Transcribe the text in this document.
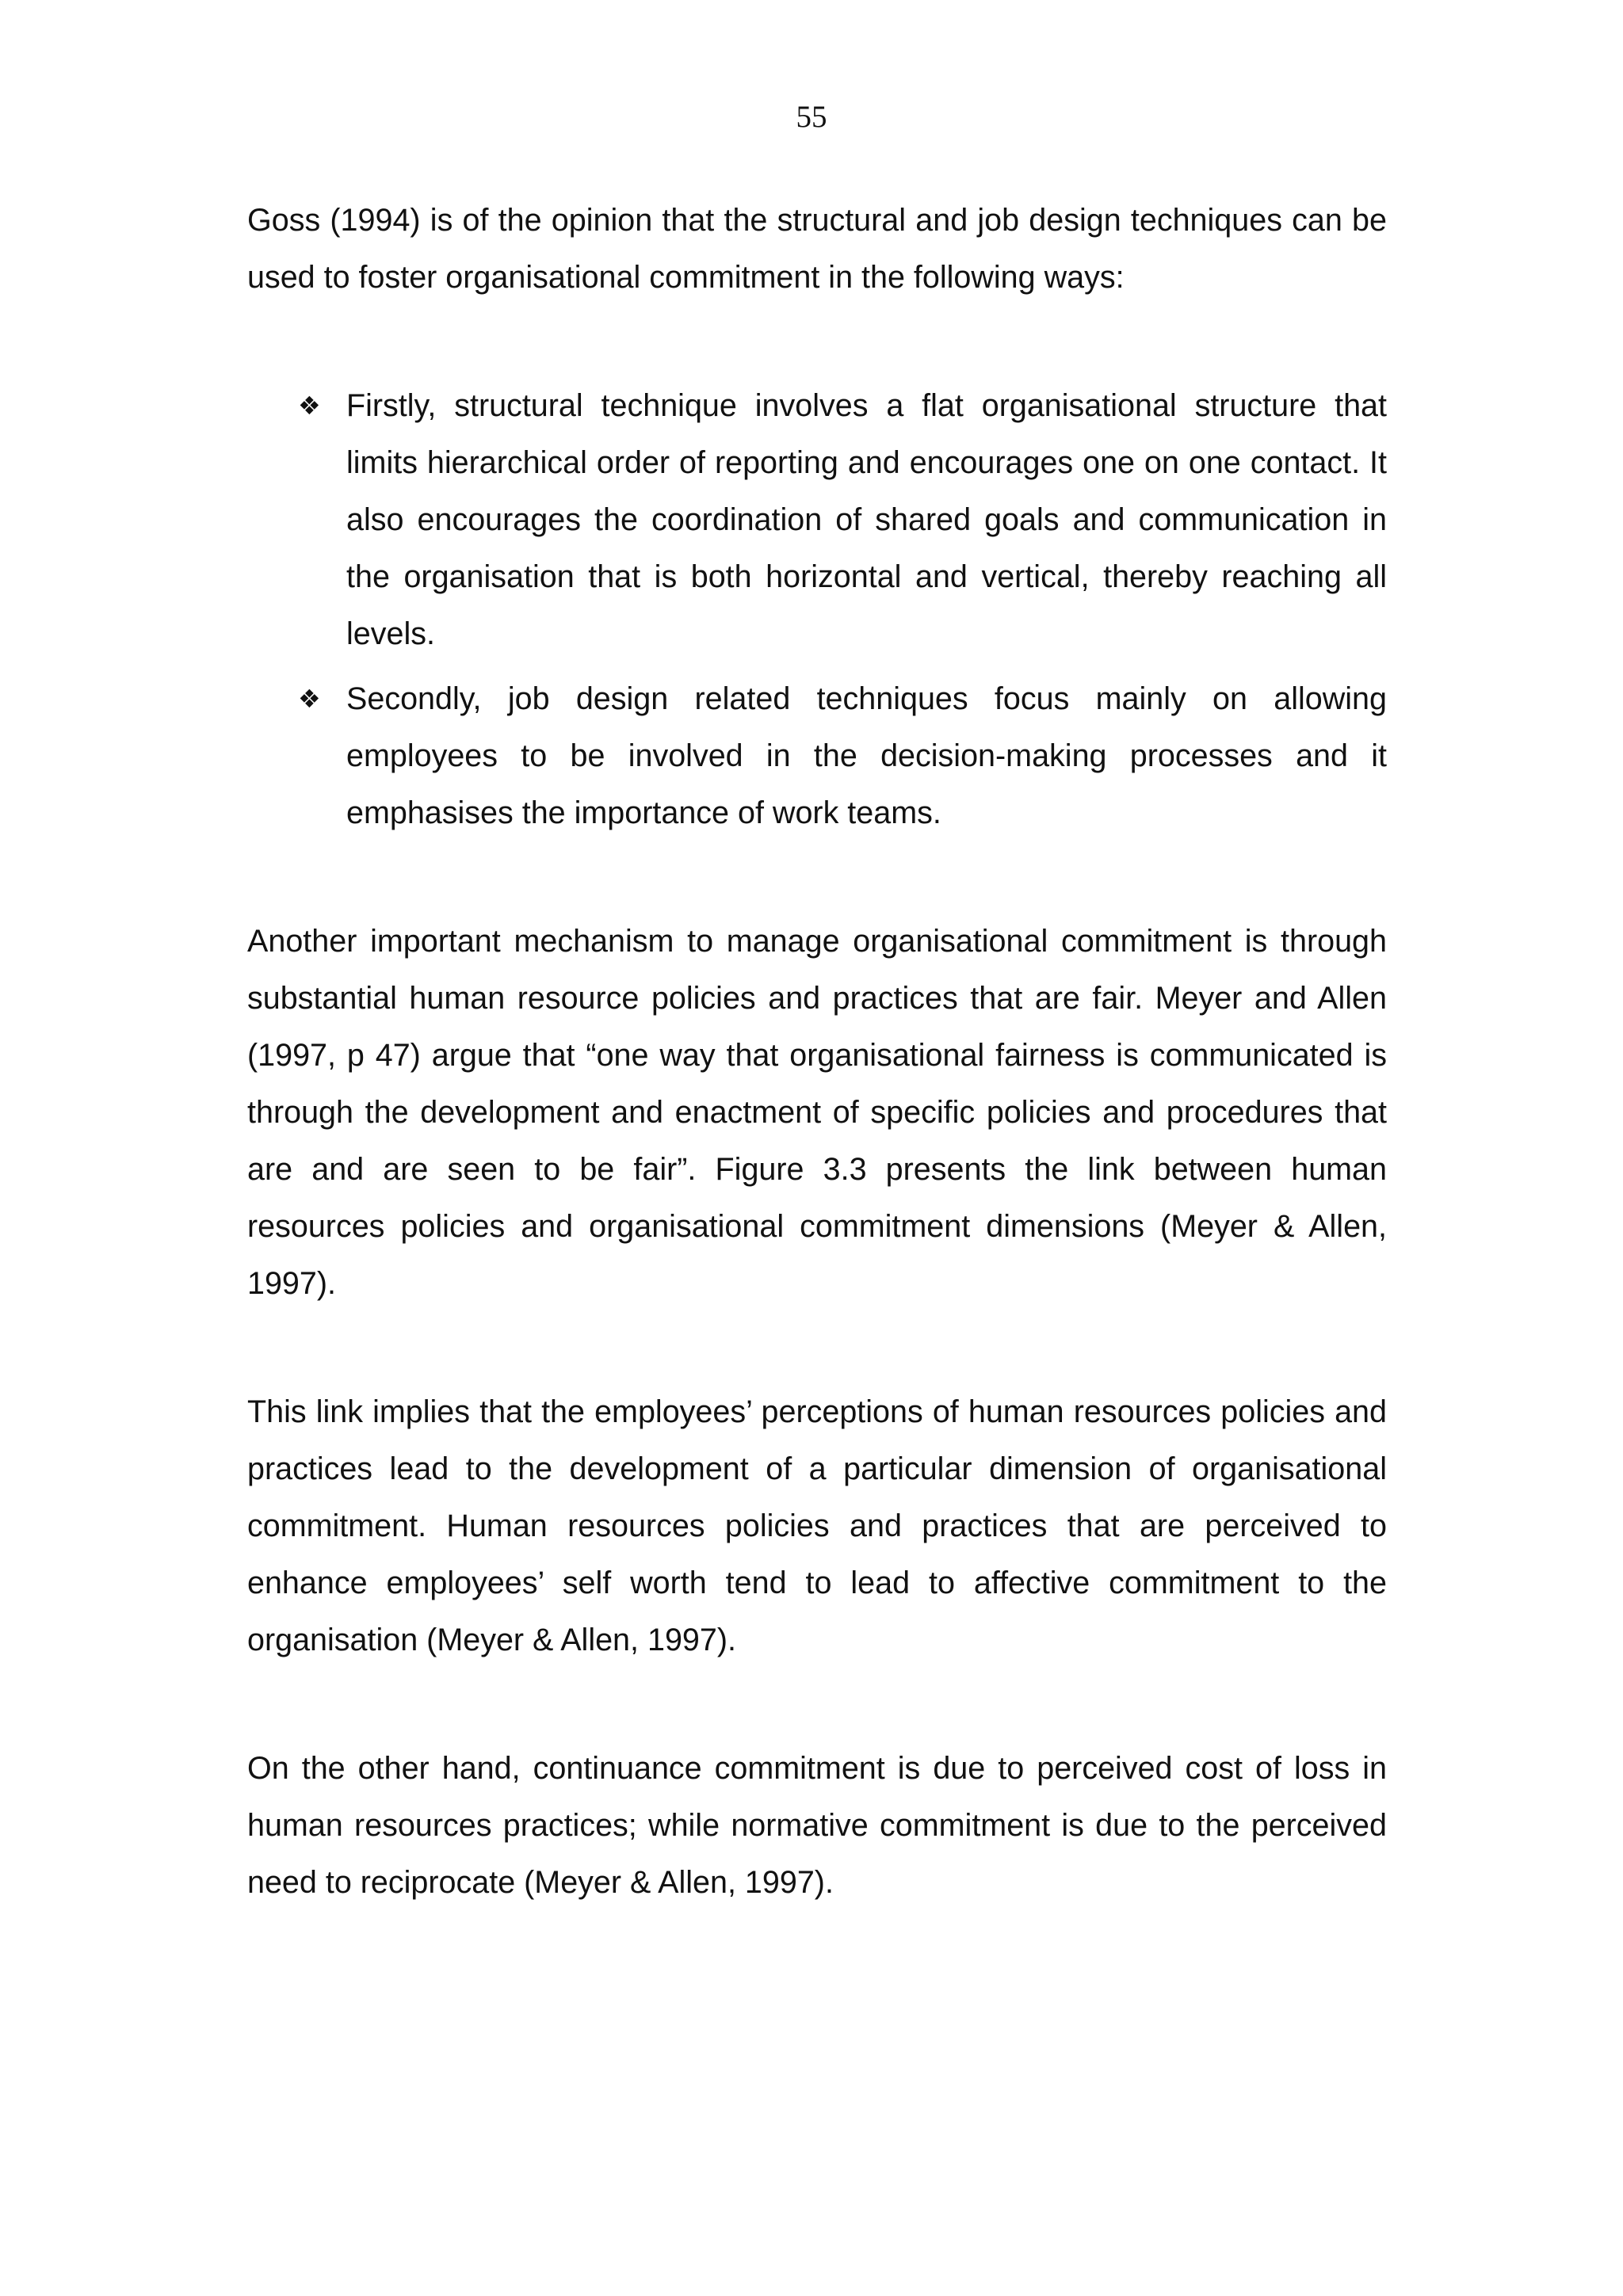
55

Goss (1994) is of the opinion that the structural and job design techniques can be used to foster organisational commitment in the following ways:

❖ Firstly, structural technique involves a flat organisational structure that limits hierarchical order of reporting and encourages one on one contact. It also encourages the coordination of shared goals and communication in the organisation that is both horizontal and vertical, thereby reaching all levels.
❖ Secondly, job design related techniques focus mainly on allowing employees to be involved in the decision-making processes and it emphasises the importance of work teams.

Another important mechanism to manage organisational commitment is through substantial human resource policies and practices that are fair. Meyer and Allen (1997, p 47) argue that “one way that organisational fairness is communicated is through the development and enactment of specific policies and procedures that are and are seen to be fair”. Figure 3.3 presents the link between human resources policies and organisational commitment dimensions (Meyer & Allen, 1997).

This link implies that the employees’ perceptions of human resources policies and practices lead to the development of a particular dimension of organisational commitment. Human resources policies and practices that are perceived to enhance employees’ self worth tend to lead to affective commitment to the organisation (Meyer & Allen, 1997).

On the other hand, continuance commitment is due to perceived cost of loss in human resources practices; while normative commitment is due to the perceived need to reciprocate (Meyer & Allen, 1997).
